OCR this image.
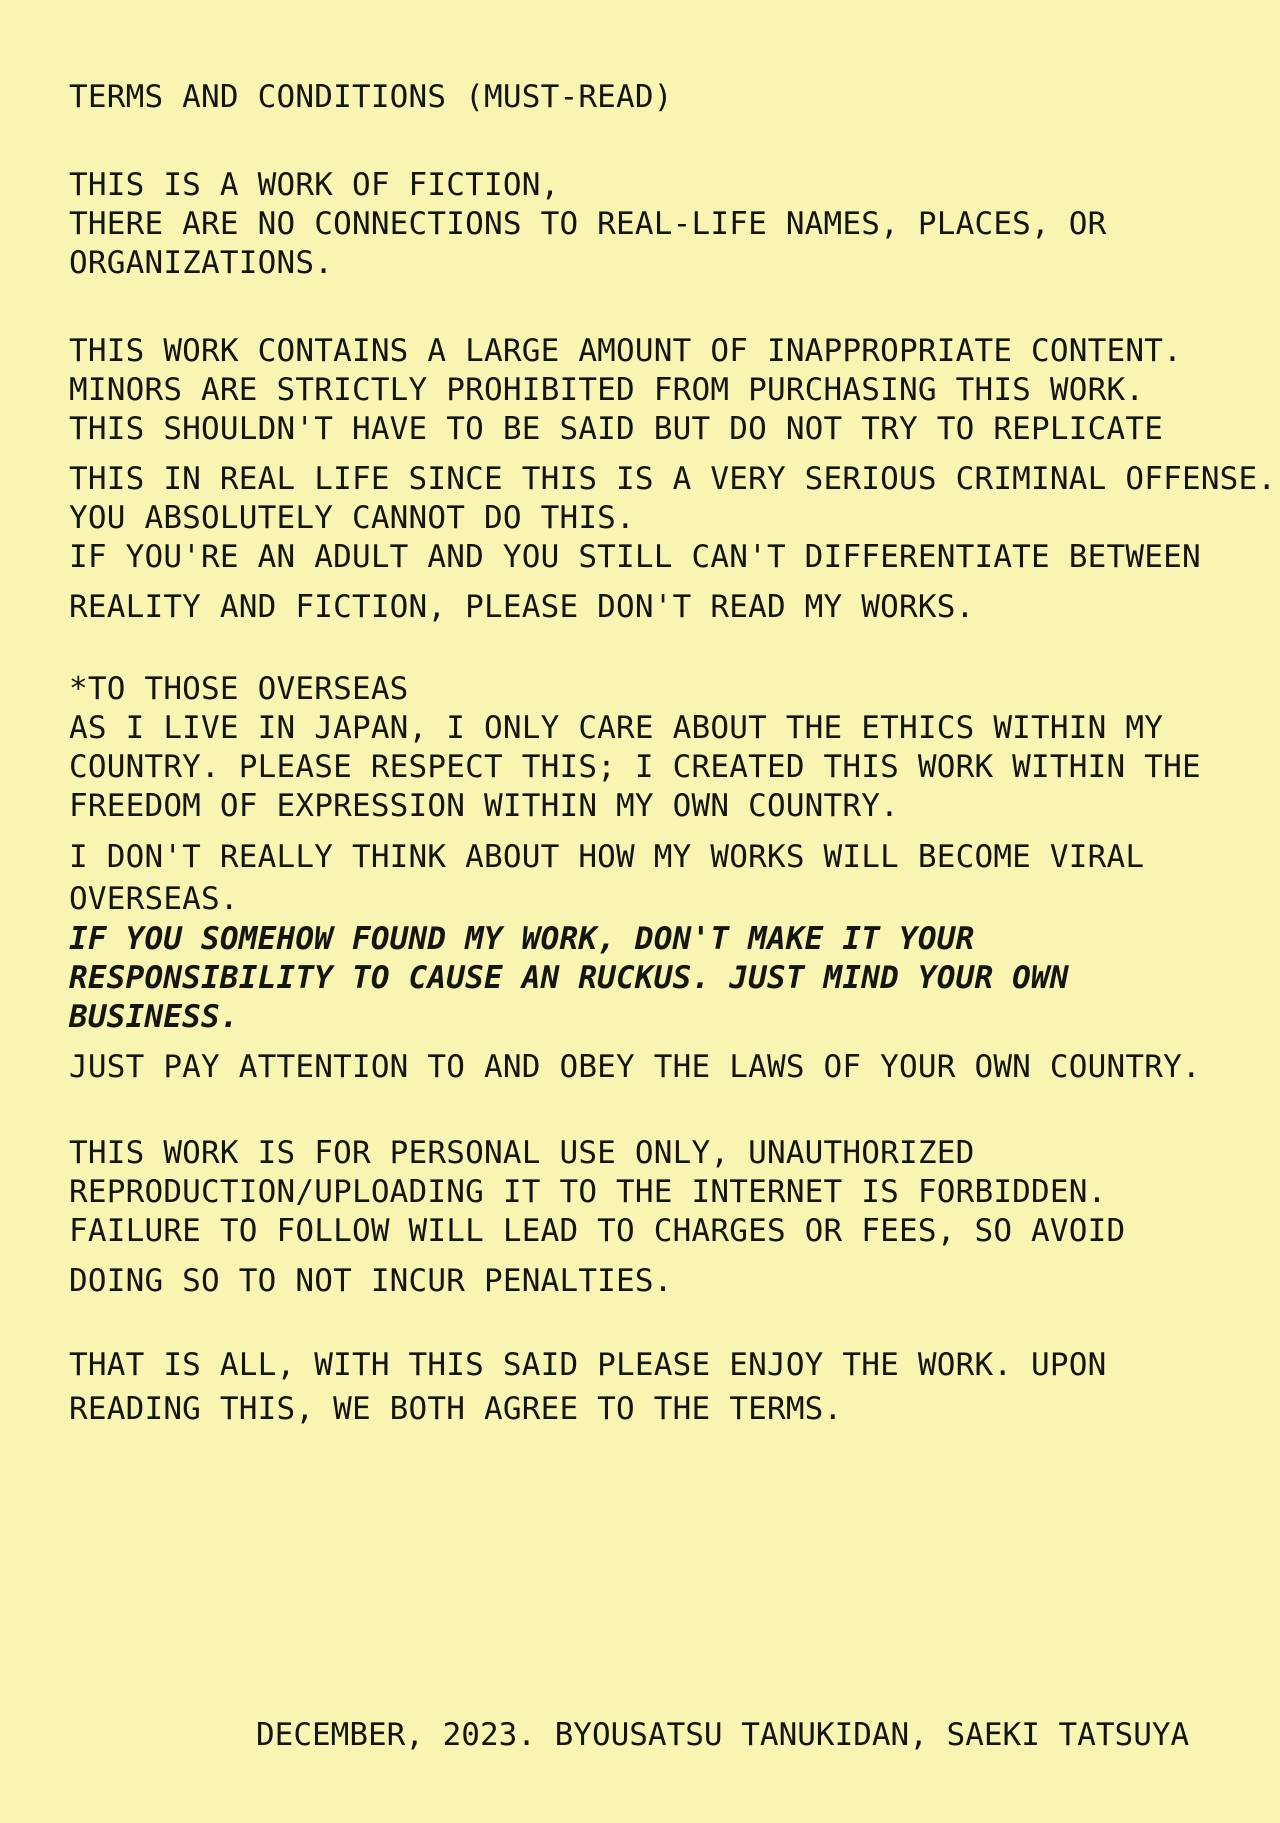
TERMS AND CONDITIONS (MUST-READ)
THIS IS A WORK OF FICTION,
THERE ARE NO CONNECTIONS TO REAL-LIFE NAMES, PLACES, OR
ORGANIZATIONS.
THIS WORK CONTAINS A LARGE AMOUNT OF INAPPROPRIATE CONTENT.
MINORS ARE STRICTLY PROHIBITED FROM PURCHASING THIS WORK.
THIS SHOULDN'T HAVE TO BE SAID BUT DO NOT TRY TO REPLICATE
THIS IN REAL LIFE SINCE THIS IS A VERY SERIOUS CRIMINAL OFFENSE.
YOU ABSOLUTELY CANNOT DO THIS.
IF YOU'RE AN ADULT AND YOU STILL CAN'T DIFFERENTIATE BETWEEN
REALITY AND FICTION, PLEASE DON'T READ MY WORKS.
*TO THOSE OVERSEAS
AS I LIVE IN JAPAN, I ONLY CARE ABOUT THE ETHICS WITHIN MY
COUNTRY. PLEASE RESPECT THIS; I CREATED THIS WORK WITHIN THE
FREEDOM OF EXPRESSION WITHIN MY OWN COUNTRY.
I DON'T REALLY THINK ABOUT HOW MY WORKS WILL BECOME VIRAL
OVERSEAS.
IF YOU SOMEHOW FOUND MY WORK, DON'T MAKE IT YOUR
RESPONSIBILITY TO CAUSE AN RUCKUS. JUST MIND YOUR OWN
BUSINESS.
JUST PAY ATTENTION TO AND OBEY THE LAWS OF YOUR OWN COUNTRY.
THIS WORK IS FOR PERSONAL USE ONLY, UNAUTHORIZED
REPRODUCTION/UPLOADING IT TO THE INTERNET IS FORBIDDEN.
FAILURE TO FOLLOW WILL LEAD TO CHARGES OR FEES, SO AVOID
DOING SO TO NOT INCUR PENALTIES.
THAT IS ALL, WITH THIS SAID PLEASE ENJOY THE WORK. UPON
READING THIS, WE BOTH AGREE TO THE TERMS.
DECEMBER, 2023. BYOUSATSU TANUKIDAN, SAEKI TATSUYA
